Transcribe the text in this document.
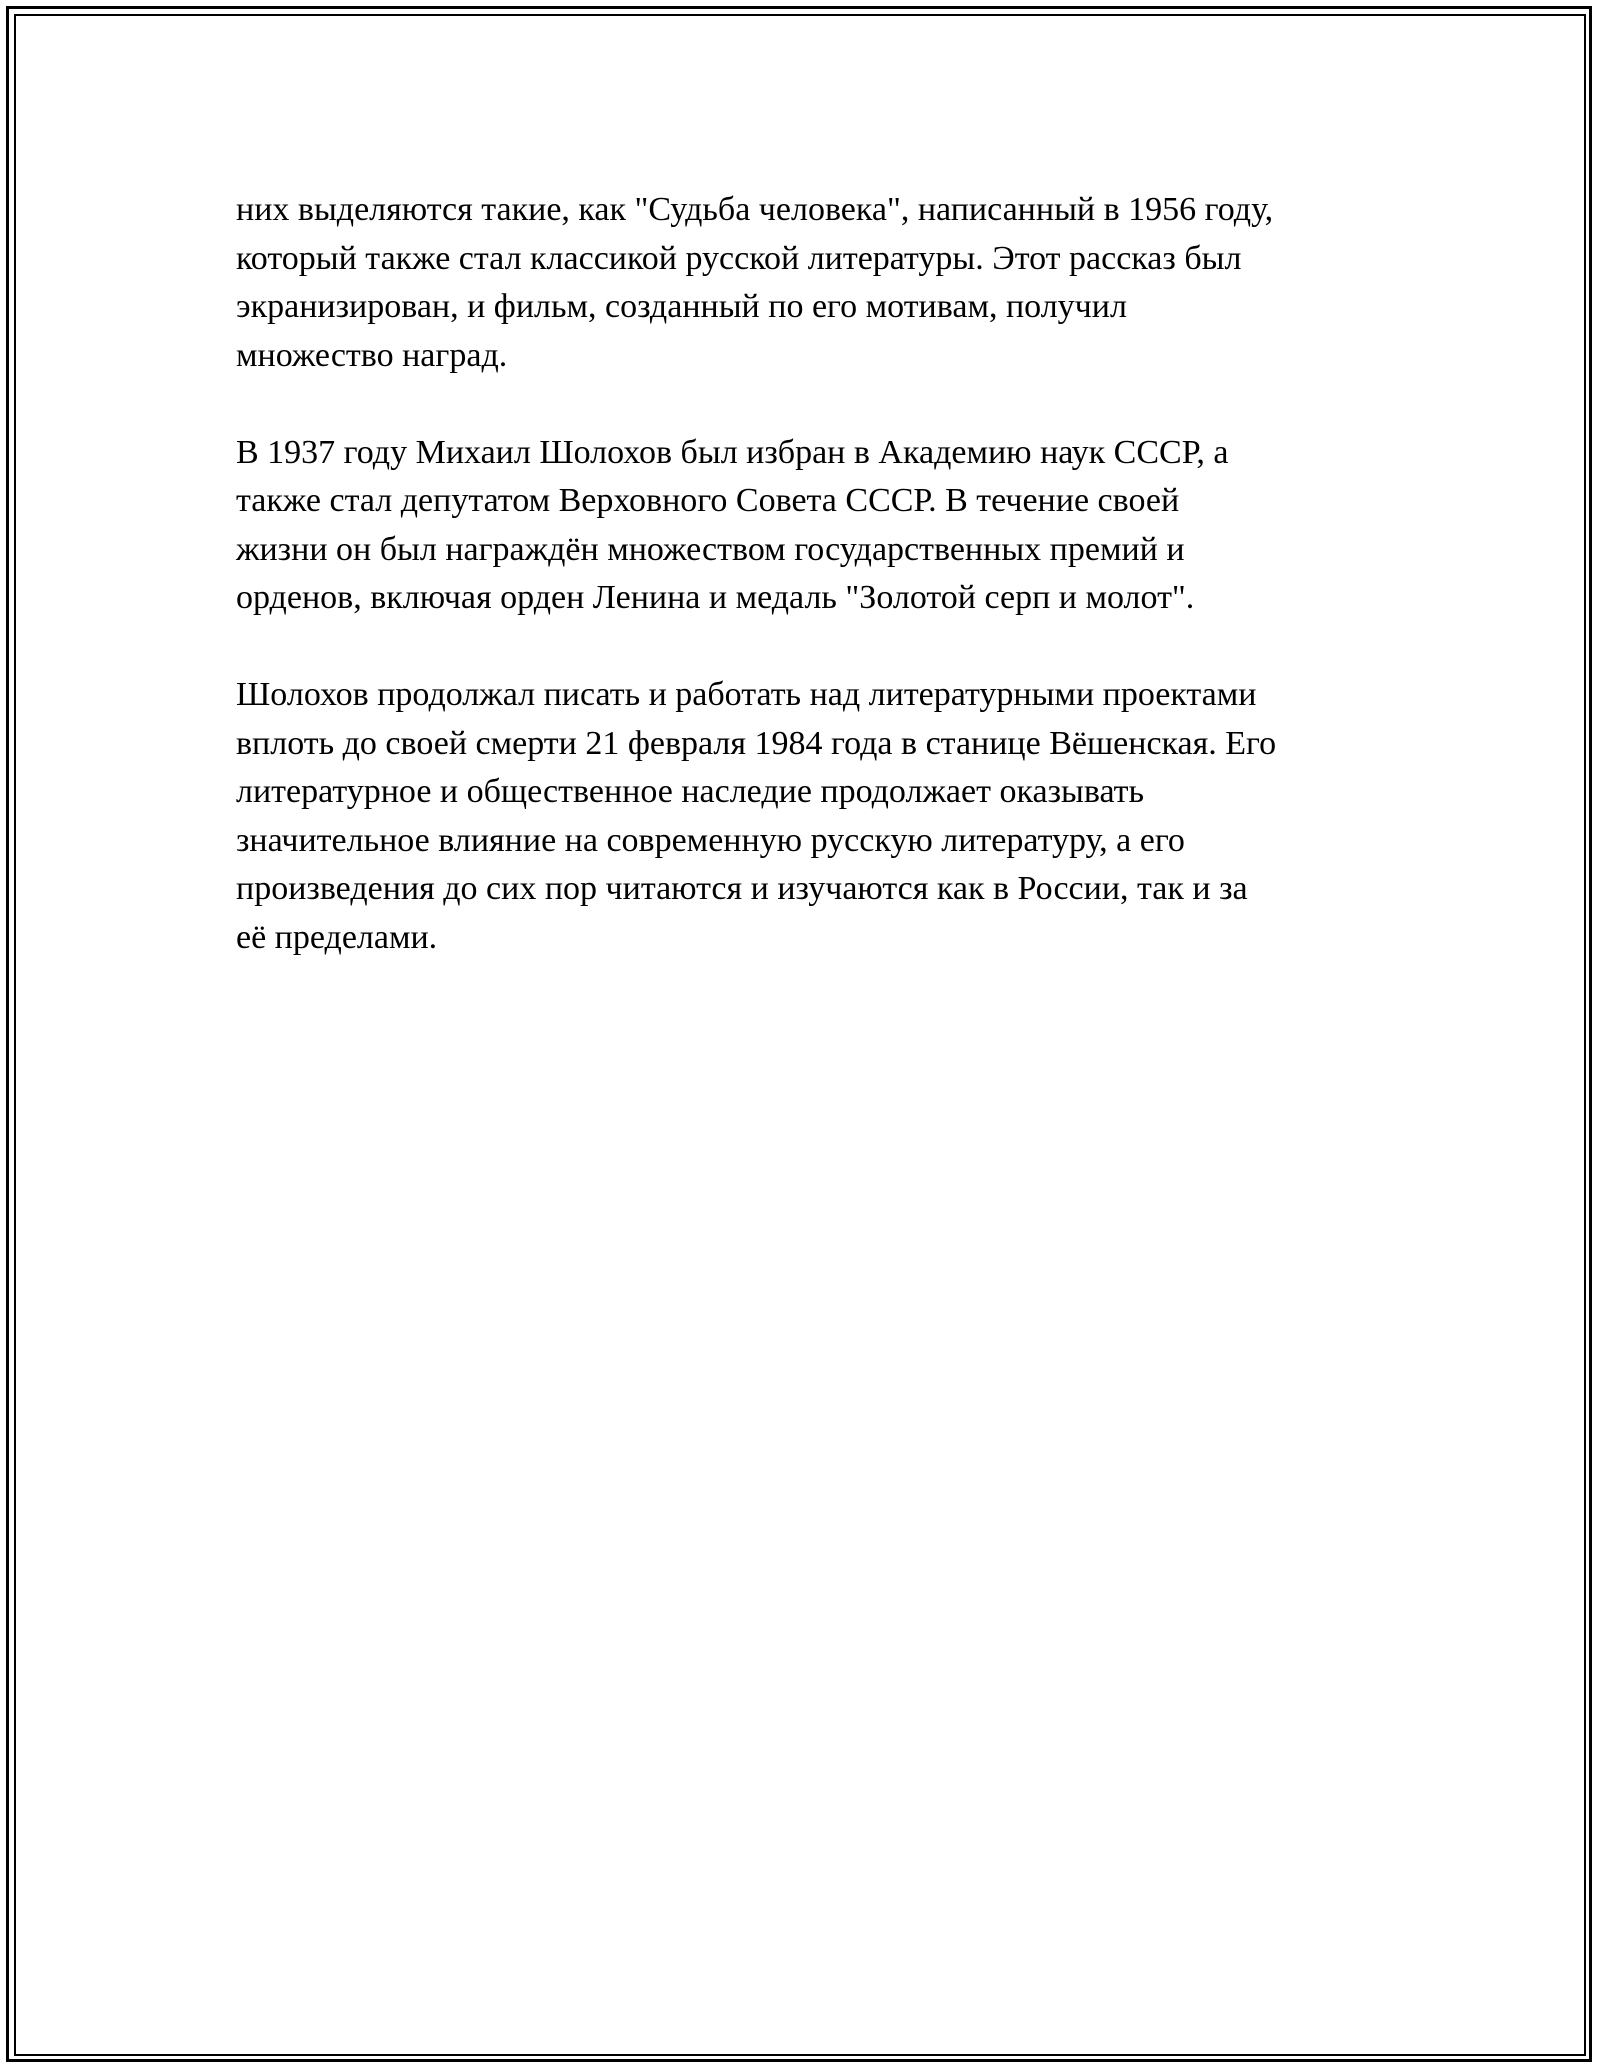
них выделяются такие, как "Судьба человека", написанный в 1956 году,
который также стал классикой русской литературы. Этот рассказ был
экранизирован, и фильм, созданный по его мотивам, получил
множество наград.

В 1937 году Михаил Шолохов был избран в Академию наук СССР, а
также стал депутатом Верховного Совета СССР. В течение своей
жизни он был награждён множеством государственных премий и
орденов, включая орден Ленина и медаль "Золотой серп и молот".

Шолохов продолжал писать и работать над литературными проектами
вплоть до своей смерти 21 февраля 1984 года в станице Вёшенская. Его
литературное и общественное наследие продолжает оказывать
значительное влияние на современную русскую литературу, а его
произведения до сих пор читаются и изучаются как в России, так и за
её пределами.
